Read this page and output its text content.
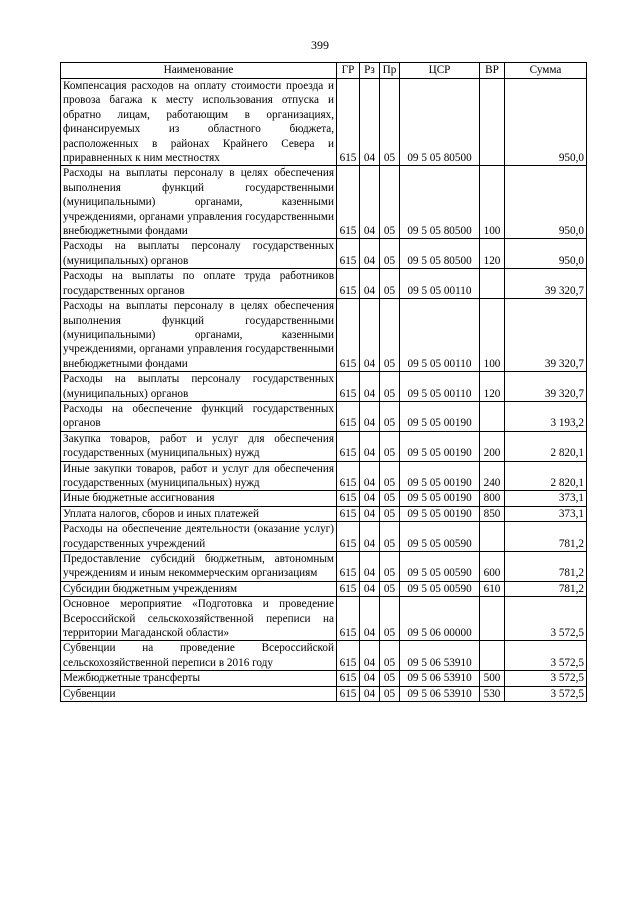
399
Наименование	ГР	Рз	Пр	ЦСР	ВР	Сумма
Компенсация расходов на оплату стоимости проезда и провоза багажа к месту использования отпуска и обратно лицам, работающим в организациях, финансируемых из областного бюджета, расположенных в районах Крайнего Севера и приравненных к ним местностях	615	04	05	09 5 05 80500		950,0
Расходы на выплаты персоналу в целях обеспечения выполнения функций государственными (муниципальными) органами, казенными учреждениями, органами управления государственными внебюджетными фондами	615	04	05	09 5 05 80500	100	950,0
Расходы на выплаты персоналу государственных (муниципальных) органов	615	04	05	09 5 05 80500	120	950,0
Расходы на выплаты по оплате труда работников государственных органов	615	04	05	09 5 05 00110		39 320,7
Расходы на выплаты персоналу в целях обеспечения выполнения функций государственными (муниципальными) органами, казенными учреждениями, органами управления государственными внебюджетными фондами	615	04	05	09 5 05 00110	100	39 320,7
Расходы на выплаты персоналу государственных (муниципальных) органов	615	04	05	09 5 05 00110	120	39 320,7
Расходы на обеспечение функций государственных органов	615	04	05	09 5 05 00190		3 193,2
Закупка товаров, работ и услуг для обеспечения государственных (муниципальных) нужд	615	04	05	09 5 05 00190	200	2 820,1
Иные закупки товаров, работ и услуг для обеспечения государственных (муниципальных) нужд	615	04	05	09 5 05 00190	240	2 820,1
Иные бюджетные ассигнования	615	04	05	09 5 05 00190	800	373,1
Уплата налогов, сборов и иных платежей	615	04	05	09 5 05 00190	850	373,1
Расходы на обеспечение деятельности (оказание услуг) государственных учреждений	615	04	05	09 5 05 00590		781,2
Предоставление субсидий бюджетным, автономным учреждениям и иным некоммерческим организациям	615	04	05	09 5 05 00590	600	781,2
Субсидии бюджетным учреждениям	615	04	05	09 5 05 00590	610	781,2
Основное мероприятие «Подготовка и проведение Всероссийской сельскохозяйственной переписи на территории Магаданской области»	615	04	05	09 5 06 00000		3 572,5
Субвенции на проведение Всероссийской сельскохозяйственной переписи в 2016 году	615	04	05	09 5 06 53910		3 572,5
Межбюджетные трансферты	615	04	05	09 5 06 53910	500	3 572,5
Субвенции	615	04	05	09 5 06 53910	530	3 572,5
